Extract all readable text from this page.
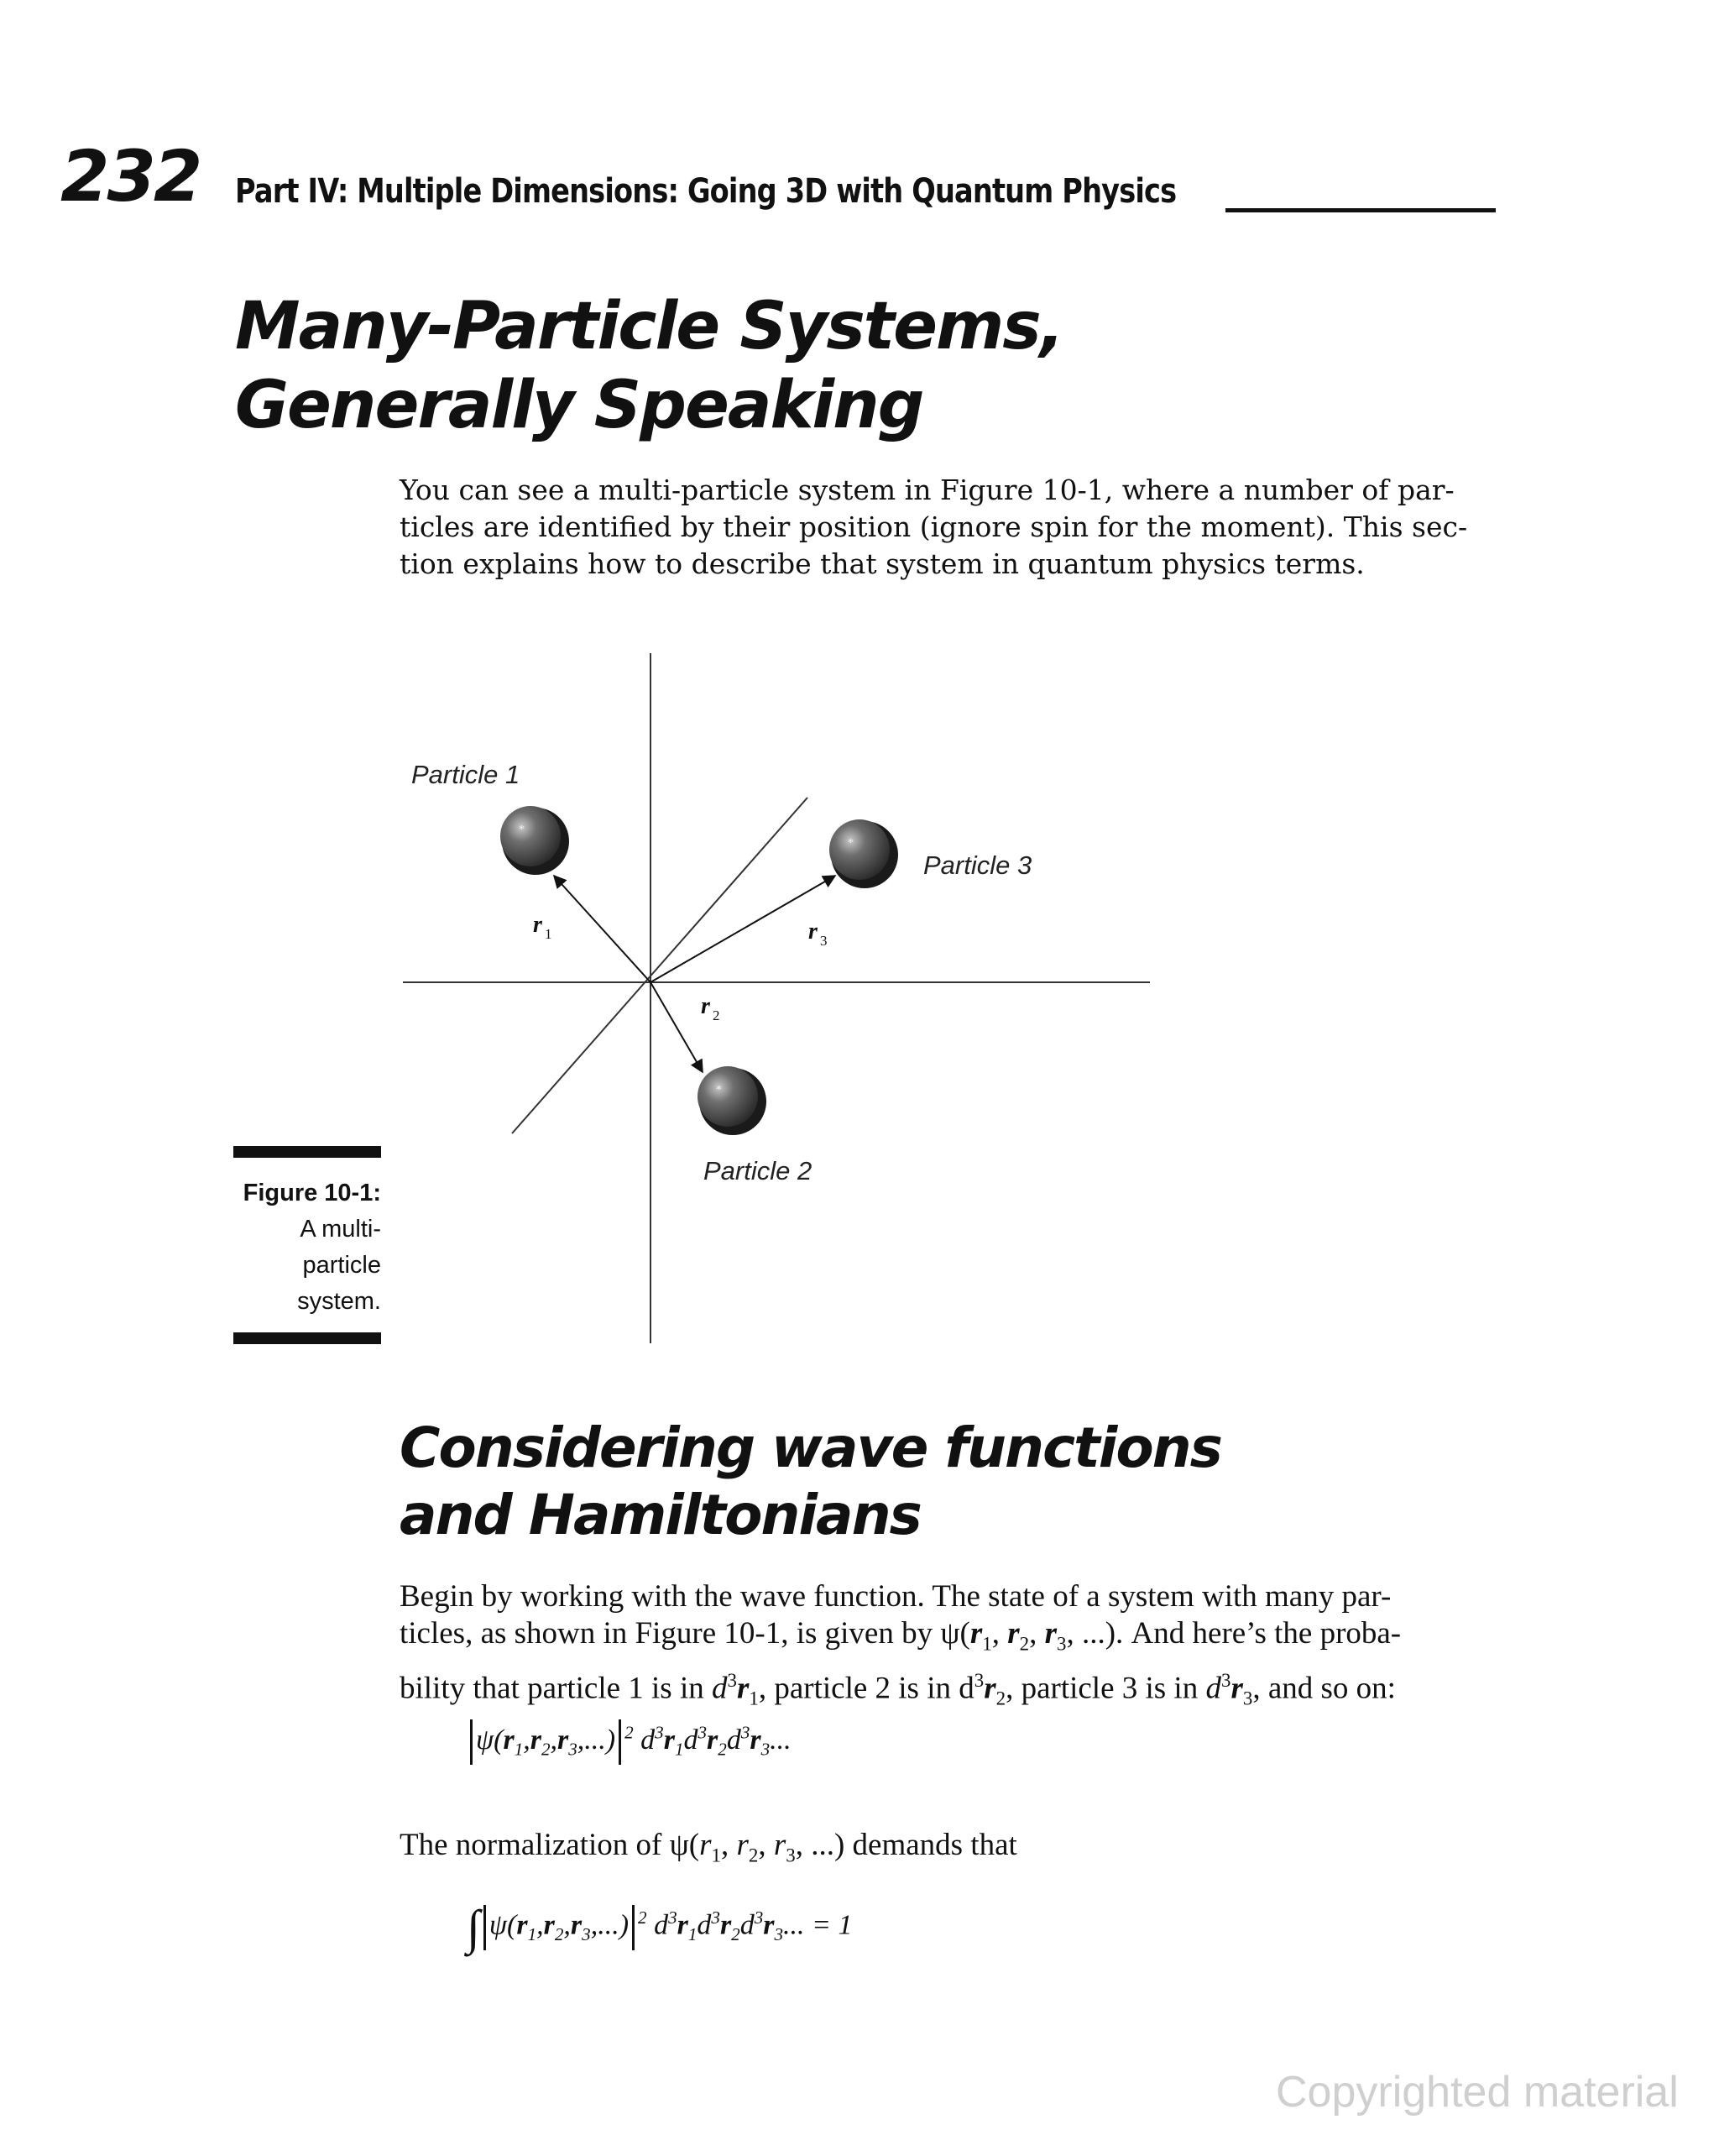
232 Part IV: Multiple Dimensions: Going 3D with Quantum Physics
Many-Particle Systems,
Generally Speaking
You can see a multi-particle system in Figure 10-1, where a number of par-
ticles are identified by their position (ignore spin for the moment). This sec-
tion explains how to describe that system in quantum physics terms.
*
*
*
Particle 1
Particle 3
Particle 2
r 1	r 3
r 2
Figure 10-1:
A multi-
particle
system.
Considering wave functions
and Hamiltonians
Begin by working with the wave function. The state of a system with many par-
ticles, as shown in Figure 10-1, is given by $\psi(r_1$, $r_2$, $r_3$, ...). And here’s the proba-
bility that particle 1 is in $d^3r_1$, particle 2 is in $d^3r_2$, particle 3 is in $d^3r_3$, and so on:
$\psi(r_1,r_2,r_3,...)$ $^2$ $d^3r_1d^3r_2d^3r_3$...
The normalization of $\psi(r_1$, $r_2$, $r_3$, ...) demands that
∫ $\psi(r_1,r_2,r_3,...)$ $^2$ $d^3r_1d^3r_2d^3r_3$... = 1
Copyrighted material
